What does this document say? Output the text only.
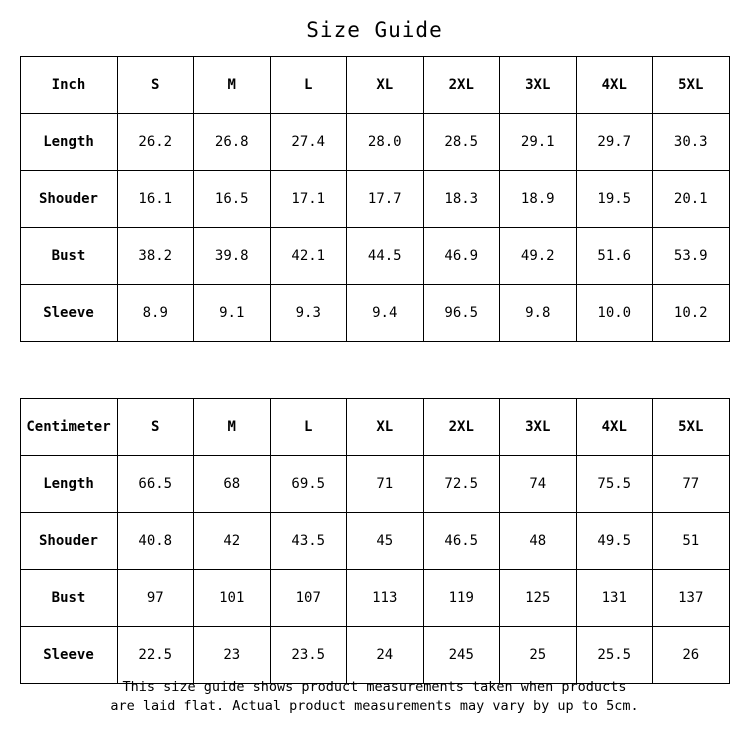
Size Guide
Inch	S	M	L	XL	2XL	3XL	4XL	5XL
Length	26.2	26.8	27.4	28.0	28.5	29.1	29.7	30.3
Shouder	16.1	16.5	17.1	17.7	18.3	18.9	19.5	20.1
Bust	38.2	39.8	42.1	44.5	46.9	49.2	51.6	53.9
Sleeve	8.9	9.1	9.3	9.4	96.5	9.8	10.0	10.2
Centimeter	S	M	L	XL	2XL	3XL	4XL	5XL
Length	66.5	68	69.5	71	72.5	74	75.5	77
Shouder	40.8	42	43.5	45	46.5	48	49.5	51
Bust	97	101	107	113	119	125	131	137
Sleeve	22.5	23	23.5	24	245	25	25.5	26
This size guide shows product measurements taken when products
are laid flat. Actual product measurements may vary by up to 5cm.
